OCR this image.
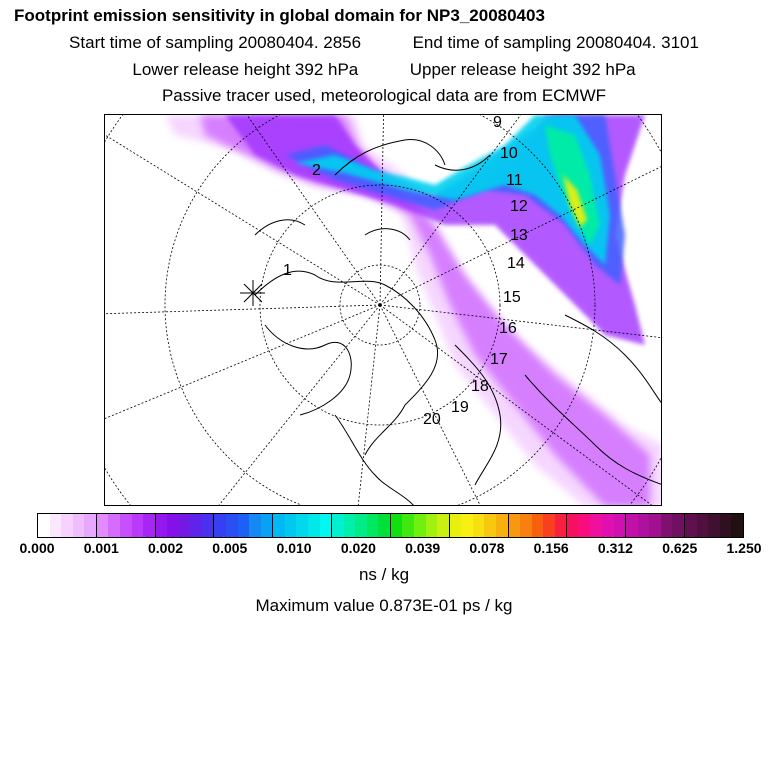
Footprint emission sensitivity in global domain for NP3_20080403
Start time of sampling 20080404. 2856	End time of sampling 20080404. 3101
Lower release height 392 hPa	Upper release height 392 hPa
Passive tracer used, meteorological data are from ECMWF
1
2
9
10
11
12
13
14
15
16
17
18
19
20
0.000 0.001 0.002 0.005 0.010 0.020 0.039 0.078 0.156 0.312 0.625 1.250
ns / kg
Maximum value 0.873E-01 ps / kg
